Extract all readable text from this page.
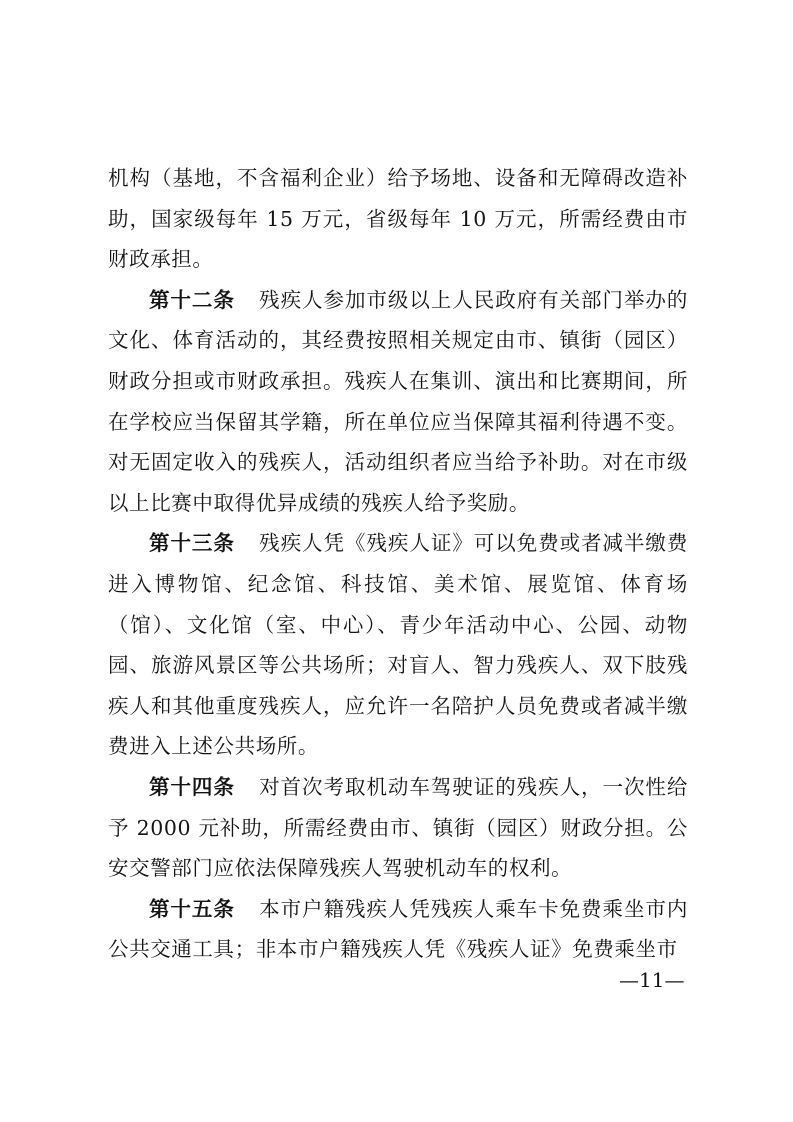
机构（基地，不含福利企业）给予场地、设备和无障碍改造补助，国家级每年 15 万元，省级每年 10 万元，所需经费由市财政承担。

第十二条 残疾人参加市级以上人民政府有关部门举办的文化、体育活动的，其经费按照相关规定由市、镇街（园区）财政分担或市财政承担。残疾人在集训、演出和比赛期间，所在学校应当保留其学籍，所在单位应当保障其福利待遇不变。对无固定收入的残疾人，活动组织者应当给予补助。对在市级以上比赛中取得优异成绩的残疾人给予奖励。

第十三条 残疾人凭《残疾人证》可以免费或者减半缴费进入博物馆、纪念馆、科技馆、美术馆、展览馆、体育场（馆）、文化馆（室、中心）、青少年活动中心、公园、动物园、旅游风景区等公共场所；对盲人、智力残疾人、双下肢残疾人和其他重度残疾人，应允许一名陪护人员免费或者减半缴费进入上述公共场所。

第十四条 对首次考取机动车驾驶证的残疾人，一次性给予 2000 元补助，所需经费由市、镇街（园区）财政分担。公安交警部门应依法保障残疾人驾驶机动车的权利。

第十五条 本市户籍残疾人凭残疾人乘车卡免费乘坐市内公共交通工具；非本市户籍残疾人凭《残疾人证》免费乘坐市

—11—
